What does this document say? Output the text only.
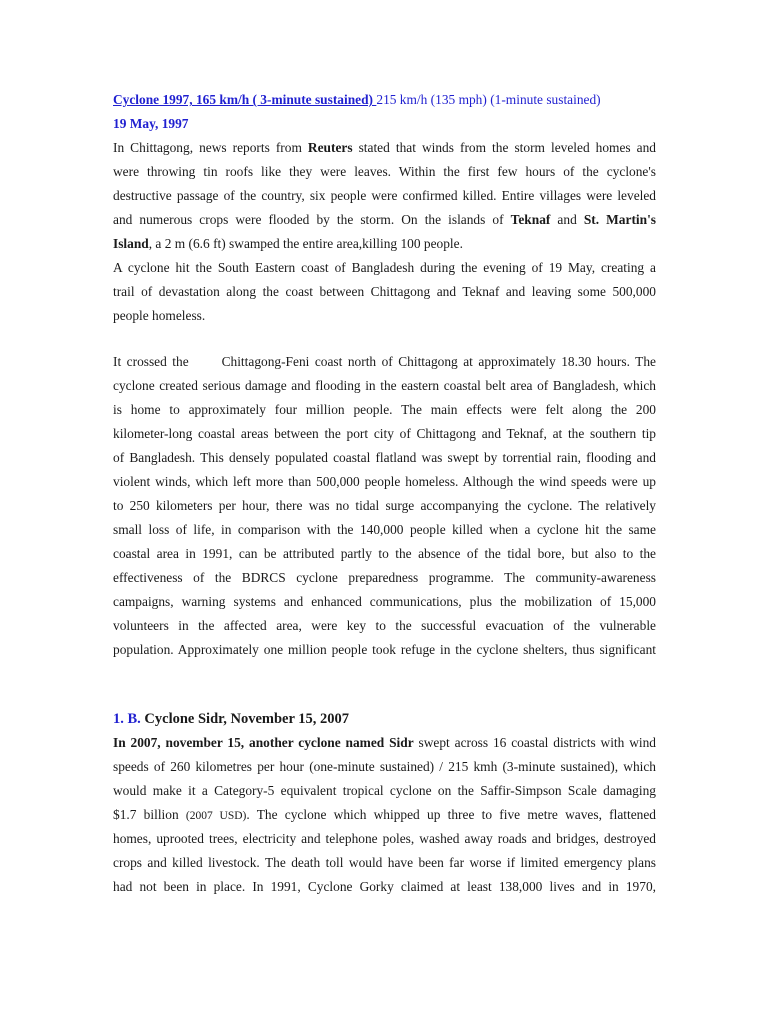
Cyclone 1997, 165 km/h ( 3-minute sustained) 215 km/h (135 mph) (1-minute sustained)
19 May, 1997
In Chittagong, news reports from Reuters stated that winds from the storm leveled homes and
were throwing tin roofs like they were leaves. Within the first few hours of the cyclone's
destructive passage of the country, six people were confirmed killed. Entire villages were leveled
and numerous crops were flooded by the storm. On the islands of Teknaf and St. Martin's
Island, a 2 m (6.6 ft) swamped the entire area,killing 100 people.
A cyclone hit the South Eastern coast of Bangladesh during the evening of 19 May, creating a
trail of devastation along the coast between Chittagong and Teknaf and leaving some 500,000
people homeless.
It crossed the      Chittagong-Feni coast north of Chittagong at approximately 18.30 hours. The
cyclone created serious damage and flooding in the eastern coastal belt area of Bangladesh, which
is home to approximately four million people. The main effects were felt along the 200
kilometer-long coastal areas between the port city of Chittagong and Teknaf, at the southern tip
of Bangladesh. This densely populated coastal flatland was swept by torrential rain, flooding and
violent winds, which left more than 500,000 people homeless. Although the wind speeds were up
to 250 kilometers per hour, there was no tidal surge accompanying the cyclone. The relatively
small loss of life, in comparison with the 140,000 people killed when a cyclone hit the same
coastal area in 1991, can be attributed partly to the absence of the tidal bore, but also to the
effectiveness of the BDRCS cyclone preparedness programme. The community-awareness
campaigns, warning systems and enhanced communications, plus the mobilization of 15,000
volunteers in the affected area, were key to the successful evacuation of the vulnerable
population. Approximately one million people took refuge in the cyclone shelters, thus significant
1. B. Cyclone Sidr, November 15, 2007
In 2007, november 15, another cyclone named Sidr swept across 16 coastal districts with wind
speeds of 260 kilometres per hour (one-minute sustained) / 215 kmh (3-minute sustained), which
would make it a Category-5 equivalent tropical cyclone on the Saffir-Simpson Scale damaging
$1.7 billion (2007 USD). The cyclone which whipped up three to five metre waves, flattened
homes, uprooted trees, electricity and telephone poles, washed away roads and bridges, destroyed
crops and killed livestock. The death toll would have been far worse if limited emergency plans
had not been in place. In 1991, Cyclone Gorky claimed at least 138,000 lives and in 1970,
